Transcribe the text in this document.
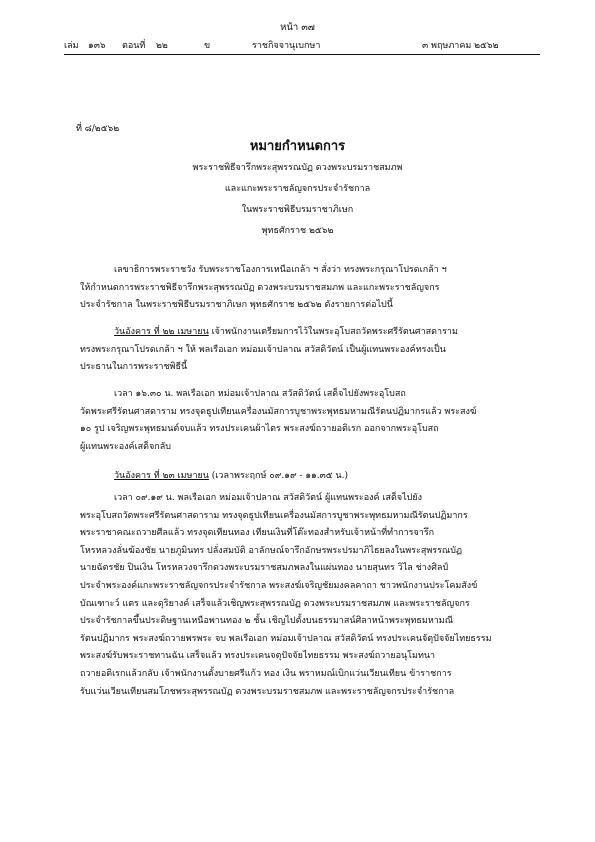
หน้า ๓๗
เล่ม ๑๓๖ ตอนที่ ๒๒	ข	ราชกิจจานุเบกษา	๓ พฤษภาคม ๒๕๖๒
ที่ ๘/๒๕๖๒
หมายกำหนดการ
พระราชพิธีจารึกพระสุพรรณบัฏ ดวงพระบรมราชสมภพ
และแกะพระราชลัญจกรประจำรัชกาล
ในพระราชพิธีบรมราชาภิเษก
พุทธศักราช ๒๕๖๒
เลขาธิการพระราชวัง รับพระราชโองการเหนือเกล้า ฯ สั่งว่า ทรงพระกรุณาโปรดเกล้า ฯ
ให้กำหนดการพระราชพิธีจารึกพระสุพรรณบัฏ ดวงพระบรมราชสมภพ และแกะพระราชลัญจกร
ประจำรัชกาล ในพระราชพิธีบรมราชาภิเษก พุทธศักราช ๒๕๖๒ ดังรายการต่อไปนี้
วันอังคาร ที่ ๒๒ เมษายน เจ้าพนักงานเตรียมการไว้ในพระอุโบสถวัดพระศรีรัตนศาสดาราม
ทรงพระกรุณาโปรดเกล้า ฯ ให้ พลเรือเอก หม่อมเจ้าปลาณ สวัสดิวัตน์ เป็นผู้แทนพระองค์ทรงเป็น
ประธานในการพระราชพิธีนี้
เวลา ๑๖.๓๐ น. พลเรือเอก หม่อมเจ้าปลาณ สวัสดิวัตน์ เสด็จไปยังพระอุโบสถ
วัดพระศรีรัตนศาสดาราม ทรงจุดธูปเทียนเครื่องนมัสการบูชาพระพุทธมหามณีรัตนปฏิมากรแล้ว พระสงฆ์
๑๐ รูป เจริญพระพุทธมนต์จบแล้ว ทรงประเคนผ้าไตร พระสงฆ์ถวายอติเรก ออกจากพระอุโบสถ
ผู้แทนพระองค์เสด็จกลับ
วันอังคาร ที่ ๒๓ เมษายน (เวลาพระฤกษ์ ๐๙.๑๙ - ๑๑.๓๕ น.)
เวลา ๐๙.๑๙ น. พลเรือเอก หม่อมเจ้าปลาณ สวัสดิวัตน์ ผู้แทนพระองค์ เสด็จไปยัง
พระอุโบสถวัดพระศรีรัตนศาสดาราม ทรงจุดธูปเทียนเครื่องนมัสการบูชาพระพุทธมหามณีรัตนปฏิมากร
พระราชาคณะถวายศีลแล้ว ทรงจุดเทียนทอง เทียนเงินที่โต๊ะทองสำหรับเจ้าหน้าที่ทำการจารึก
โหรหลวงลั่นฆ้องชัย นายภูมินทร ปลั่งสมบัติ อาลักษณ์จารึกอักษรพระปรมาภิไธยลงในพระสุพรรณบัฏ
นายฉัตรชัย ปินเงิน โหรหลวงจารึกดวงพระบรมราชสมภพลงในแผ่นทอง นายสุนทร วิไล ช่างศิลป์
ประจำพระองค์แกะพระราชลัญจกรประจำรัชกาล พระสงฆ์เจริญชัยมงคลคาถา ชาวพนักงานประโคมสังข์
บัณเฑาะว์ แตร และดุริยางค์ เสร็จแล้วเชิญพระสุพรรณบัฏ ดวงพระบรมราชสมภพ และพระราชลัญจกร
ประจำรัชกาลขึ้นประดิษฐานเหนือพานทอง ๒ ชั้น เชิญไปตั้งบนธรรมาสน์ศิลาหน้าพระพุทธมหามณี
รัตนปฏิมากร พระสงฆ์ถวายพรพระ จบ พลเรือเอก หม่อมเจ้าปลาณ สวัสดิวัตน์ ทรงประเคนจัตุปัจจัยไทยธรรม
พระสงฆ์รับพระราชทานฉัน เสร็จแล้ว ทรงประเคนจตุปัจจัยไทยธรรม พระสงฆ์ถวายอนุโมทนา
ถวายอติเรกแล้วกลับ เจ้าพนักงานตั้งบายศรีแก้ว ทอง เงิน พราหมณ์เบิกแว่นเวียนเทียน ข้าราชการ
รับแว่นเวียนเทียนสมโภชพระสุพรรณบัฏ ดวงพระบรมราชสมภพ และพระราชลัญจกรประจำรัชกาล
